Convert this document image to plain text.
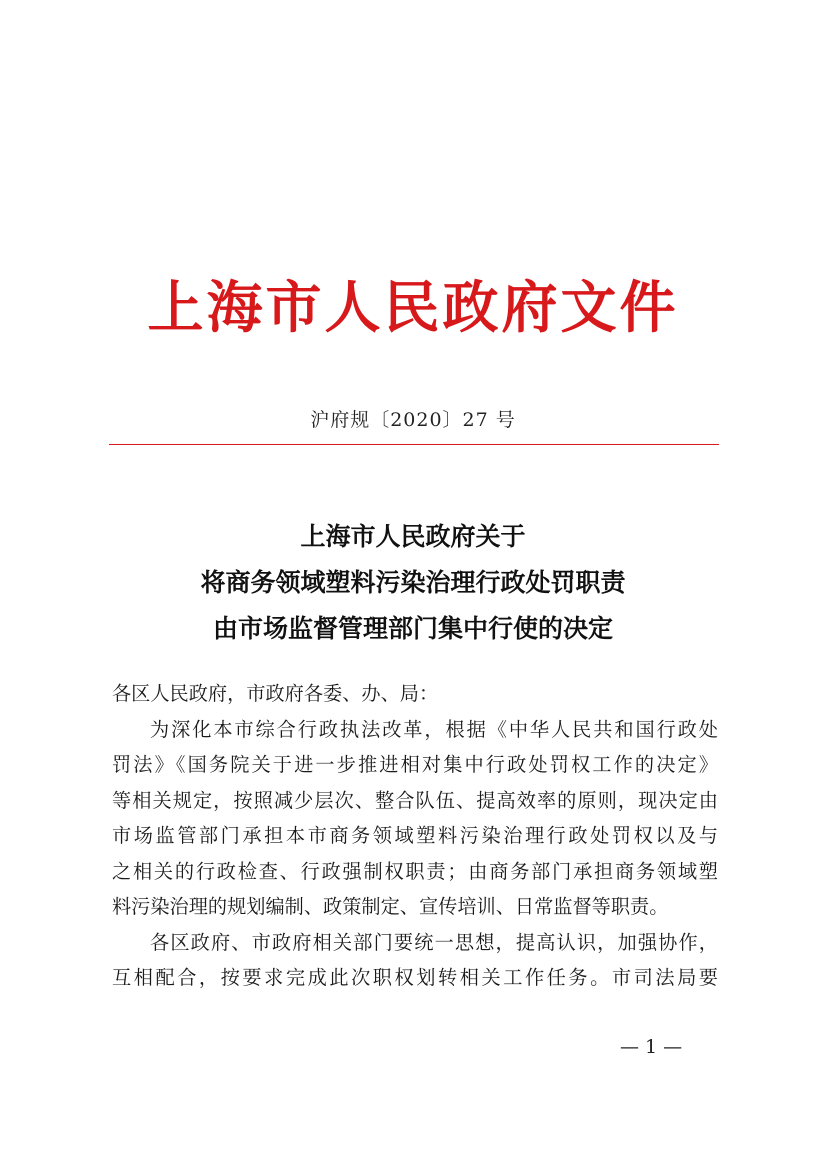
上海市人民政府文件
沪府规〔2020〕27 号
上海市人民政府关于
将商务领域塑料污染治理行政处罚职责
由市场监督管理部门集中行使的决定
各区人民政府，市政府各委、办、局：
为深化本市综合行政执法改革，根据《中华人民共和国行政处
罚法》《国务院关于进一步推进相对集中行政处罚权工作的决定》
等相关规定，按照减少层次、整合队伍、提高效率的原则，现决定由
市场监管部门承担本市商务领域塑料污染治理行政处罚权以及与
之相关的行政检查、行政强制权职责；由商务部门承担商务领域塑
料污染治理的规划编制、政策制定、宣传培训、日常监督等职责。
各区政府、市政府相关部门要统一思想，提高认识，加强协作，
互相配合，按要求完成此次职权划转相关工作任务。市司法局要
— 1 —
